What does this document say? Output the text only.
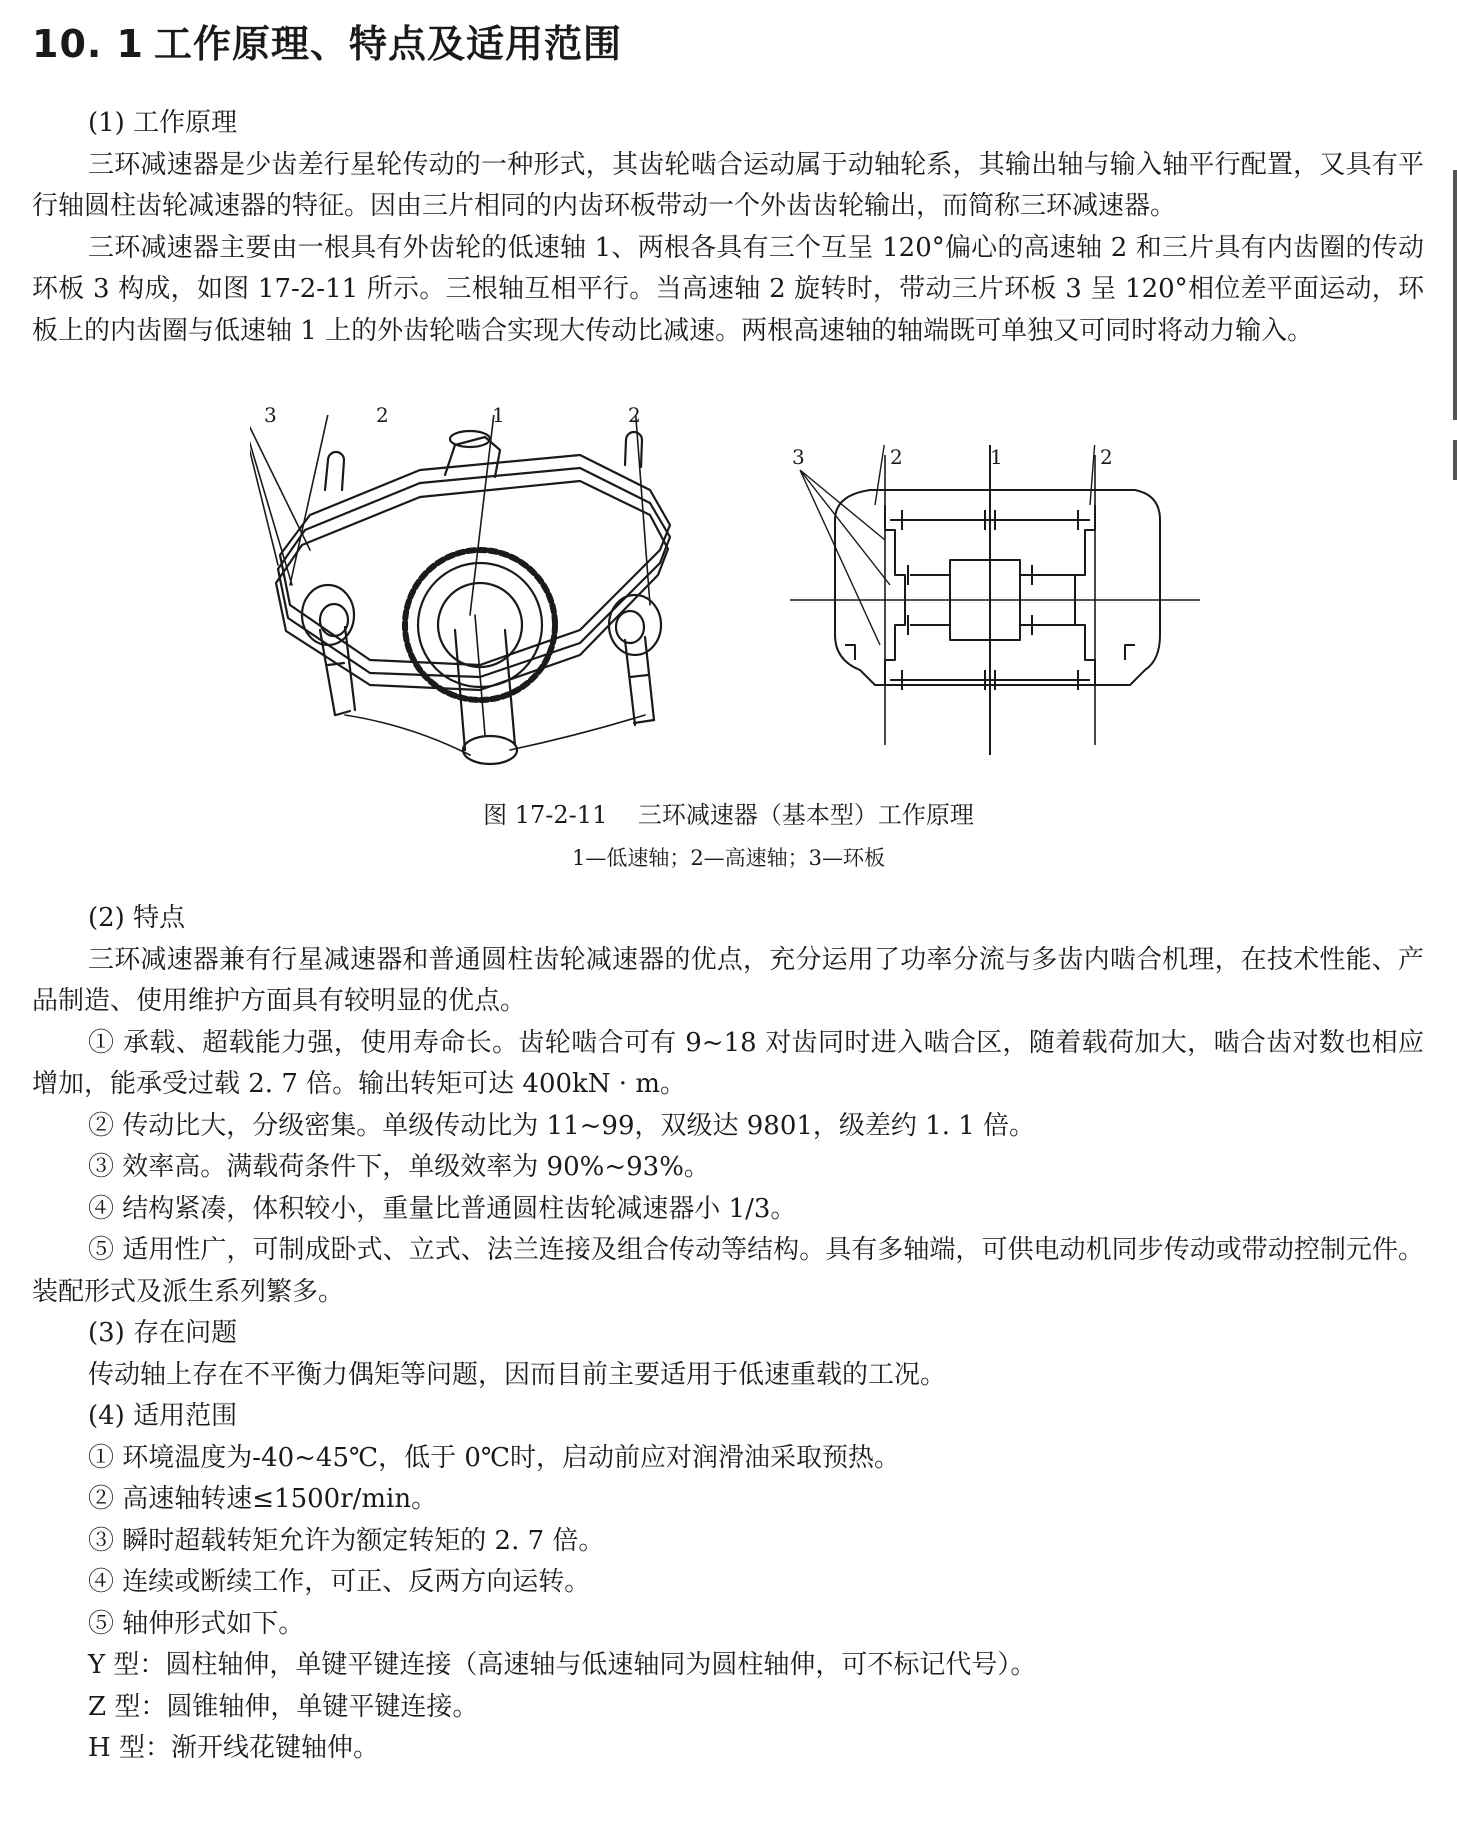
10. 1 工作原理、特点及适用范围

(1) 工作原理

三环减速器是少齿差行星轮传动的一种形式，其齿轮啮合运动属于动轴轮系，其输出轴与输入轴平行配置，又具有平行轴圆柱齿轮减速器的特征。因由三片相同的内齿环板带动一个外齿齿轮输出，而简称三环减速器。

三环减速器主要由一根具有外齿轮的低速轴 1、两根各具有三个互呈 120°偏心的高速轴 2 和三片具有内齿圈的传动环板 3 构成，如图 17-2-11 所示。三根轴互相平行。当高速轴 2 旋转时，带动三片环板 3 呈 120°相位差平面运动，环板上的内齿圈与低速轴 1 上的外齿轮啮合实现大传动比减速。两根高速轴的轴端既可单独又可同时将动力输入。

3	2	1	2
3	2	1	2

图 17-2-11    三环减速器（基本型）工作原理

1—低速轴；2—高速轴；3—环板

(2) 特点

三环减速器兼有行星减速器和普通圆柱齿轮减速器的优点，充分运用了功率分流与多齿内啮合机理，在技术性能、产品制造、使用维护方面具有较明显的优点。

① 承载、超载能力强，使用寿命长。齿轮啮合可有 9~18 对齿同时进入啮合区，随着载荷加大，啮合齿对数也相应增加，能承受过载 2. 7 倍。输出转矩可达 400kN · m。

② 传动比大，分级密集。单级传动比为 11~99，双级达 9801，级差约 1. 1 倍。

③ 效率高。满载荷条件下，单级效率为 90%~93%。

④ 结构紧凑，体积较小，重量比普通圆柱齿轮减速器小 1/3。

⑤ 适用性广，可制成卧式、立式、法兰连接及组合传动等结构。具有多轴端，可供电动机同步传动或带动控制元件。装配形式及派生系列繁多。

(3) 存在问题

传动轴上存在不平衡力偶矩等问题，因而目前主要适用于低速重载的工况。

(4) 适用范围

① 环境温度为-40~45℃，低于 0℃时，启动前应对润滑油采取预热。

② 高速轴转速≤1500r/min。

③ 瞬时超载转矩允许为额定转矩的 2. 7 倍。

④ 连续或断续工作，可正、反两方向运转。

⑤ 轴伸形式如下。

Y 型：圆柱轴伸，单键平键连接（高速轴与低速轴同为圆柱轴伸，可不标记代号）。

Z 型：圆锥轴伸，单键平键连接。

H 型：渐开线花键轴伸。
